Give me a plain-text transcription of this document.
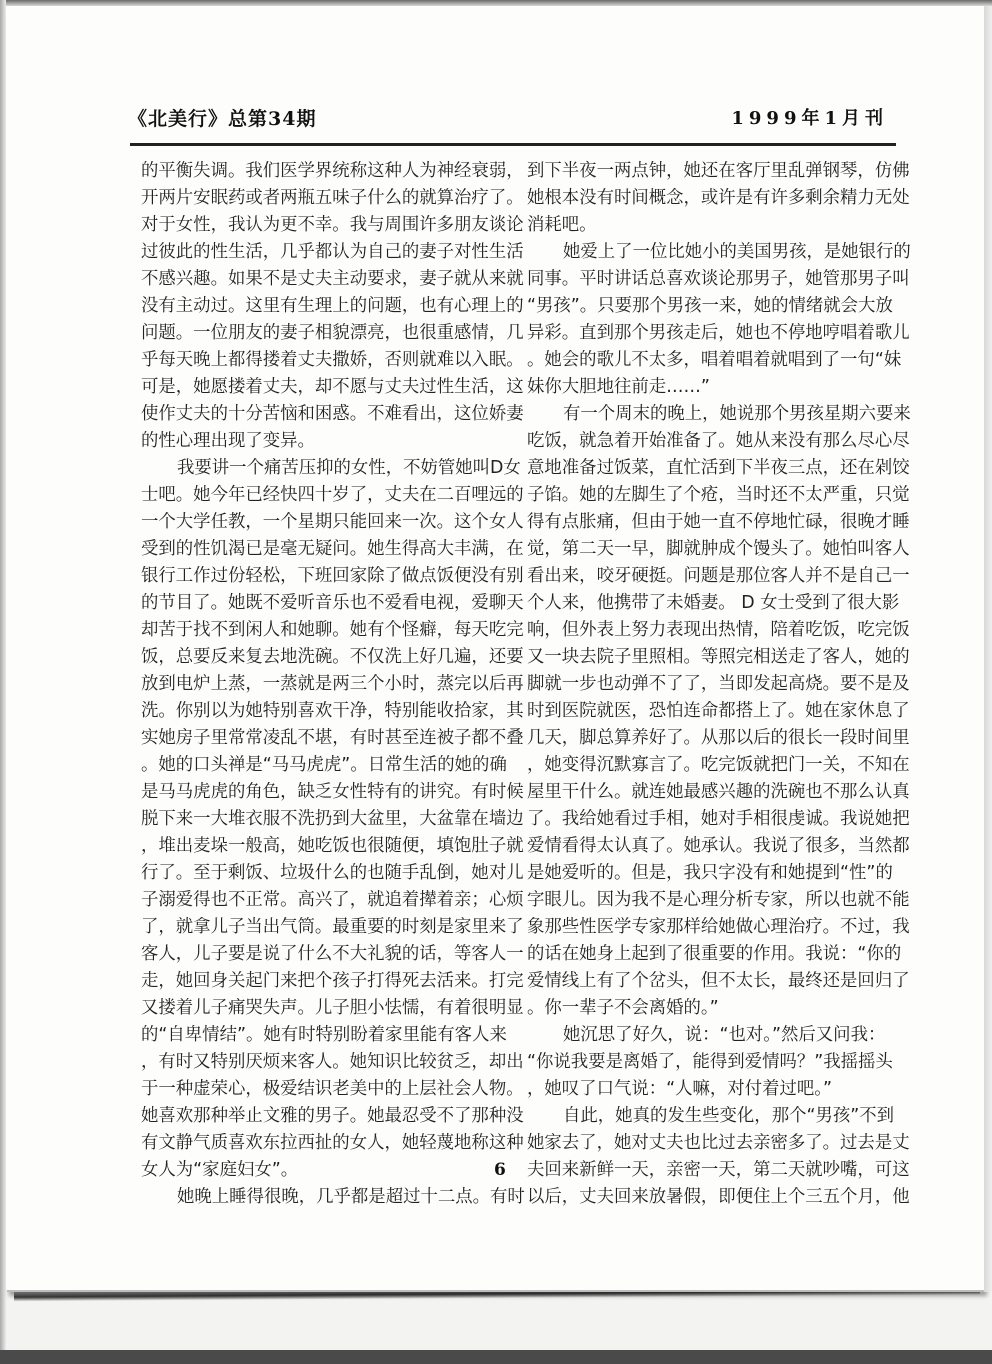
《北美行》总第34期	1999年1月刊
的平衡失调。我们医学界统称这种人为神经衰弱，
开两片安眠药或者两瓶五味子什么的就算治疗了。
对于女性，我认为更不幸。我与周围许多朋友谈论
过彼此的性生活，几乎都认为自己的妻子对性生活
不感兴趣。如果不是丈夫主动要求，妻子就从来就
没有主动过。这里有生理上的问题，也有心理上的
问题。一位朋友的妻子相貌漂亮，也很重感情，几
乎每天晚上都得搂着丈夫撒娇，否则就难以入眠。
可是，她愿搂着丈夫，却不愿与丈夫过性生活，这
使作丈夫的十分苦恼和困惑。不难看出，这位娇妻
的性心理出现了变异。
我要讲一个痛苦压抑的女性，不妨管她叫D女
士吧。她今年已经快四十岁了，丈夫在二百哩远的
一个大学任教，一个星期只能回来一次。这个女人
受到的性饥渴已是毫无疑问。她生得高大丰满，在
银行工作过份轻松，下班回家除了做点饭便没有别
的节目了。她既不爱听音乐也不爱看电视，爱聊天
却苦于找不到闲人和她聊。她有个怪癖，每天吃完
饭，总要反来复去地洗碗。不仅洗上好几遍，还要
放到电炉上蒸，一蒸就是两三个小时，蒸完以后再
洗。你别以为她特别喜欢干净，特别能收拾家，其
实她房子里常常凌乱不堪，有时甚至连被子都不叠
。她的口头禅是“马马虎虎”。日常生活的她的确
是马马虎虎的角色，缺乏女性特有的讲究。有时候
脱下来一大堆衣服不洗扔到大盆里，大盆靠在墙边
，堆出麦垛一般高，她吃饭也很随便，填饱肚子就
行了。至于剩饭、垃圾什么的也随手乱倒，她对儿
子溺爱得也不正常。高兴了，就追着撵着亲；心烦
了，就拿儿子当出气筒。最重要的时刻是家里来了
客人，儿子要是说了什么不大礼貌的话，等客人一
走，她回身关起门来把个孩子打得死去活来。打完
又搂着儿子痛哭失声。儿子胆小怯懦，有着很明显
的“自卑情结”。她有时特别盼着家里能有客人来
，有时又特别厌烦来客人。她知识比较贫乏，却出
于一种虚荣心，极爱结识老美中的上层社会人物。
她喜欢那种举止文雅的男子。她最忍受不了那种没
有文静气质喜欢东拉西扯的女人，她轻蔑地称这种
女人为“家庭妇女”。
她晚上睡得很晚，几乎都是超过十二点。有时
到下半夜一两点钟，她还在客厅里乱弹钢琴，仿佛
她根本没有时间概念，或许是有许多剩余精力无处
消耗吧。
她爱上了一位比她小的美国男孩，是她银行的
同事。平时讲话总喜欢谈论那男子，她管那男子叫
“男孩”。只要那个男孩一来，她的情绪就会大放
异彩。直到那个男孩走后，她也不停地哼唱着歌儿
。她会的歌儿不太多，唱着唱着就唱到了一句“妹
妹你大胆地往前走……”
有一个周末的晚上，她说那个男孩星期六要来
吃饭，就急着开始准备了。她从来没有那么尽心尽
意地准备过饭菜，直忙活到下半夜三点，还在剁饺
子馅。她的左脚生了个疮，当时还不太严重，只觉
得有点胀痛，但由于她一直不停地忙碌，很晚才睡
觉，第二天一早，脚就肿成个馒头了。她怕叫客人
看出来，咬牙硬挺。问题是那位客人并不是自己一
个人来，他携带了未婚妻。 D 女士受到了很大影
响，但外表上努力表现出热情，陪着吃饭，吃完饭
又一块去院子里照相。等照完相送走了客人，她的
脚就一步也动弹不了了，当即发起高烧。要不是及
时到医院就医，恐怕连命都搭上了。她在家休息了
几天，脚总算养好了。从那以后的很长一段时间里
，她变得沉默寡言了。吃完饭就把门一关，不知在
屋里干什么。就连她最感兴趣的洗碗也不那么认真
了。我给她看过手相，她对手相很虔诚。我说她把
爱情看得太认真了。她承认。我说了很多，当然都
是她爱听的。但是，我只字没有和她提到“性”的
字眼儿。因为我不是心理分析专家，所以也就不能
象那些性医学专家那样给她做心理治疗。不过，我
的话在她身上起到了很重要的作用。我说：“你的
爱情线上有了个岔头，但不太长，最终还是回归了
。你一辈子不会离婚的。”
她沉思了好久，说：“也对。”然后又问我：
“你说我要是离婚了，能得到爱情吗？”我摇摇头
，她叹了口气说：“人嘛，对付着过吧。”
自此，她真的发生些变化，那个“男孩”不到
她家去了，她对丈夫也比过去亲密多了。过去是丈
夫回来新鲜一天，亲密一天，第二天就吵嘴，可这
以后，丈夫回来放暑假，即便住上个三五个月，他
6
